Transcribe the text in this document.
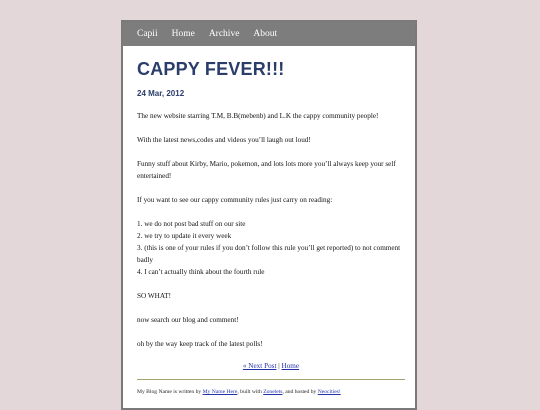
Capii Home Archive About
CAPPY FEVER!!!
24 Mar, 2012

The new website starring T.M, B.B(mebenb) and L.K the cappy community people!

With the latest news,codes and videos you’ll laugh out loud!

Funny stuff about Kirby, Mario, pokemon, and lots lots more you’ll always keep your self entertained!

If you want to see our cappy community rules just carry on reading:

1. we do not post bad stuff on our site
2. we try to update it every week
3. (this is one of your rules if you don’t follow this rule you’ll get reported) to not comment badly
4. I can’t actually think about the fourth rule

SO WHAT!

now search our blog and comment!

oh by the way keep track of the latest polls!

« Next Post | Home
My Blog Name is written by My Name Here, built with Zonelets, and hosted by Neocities!
